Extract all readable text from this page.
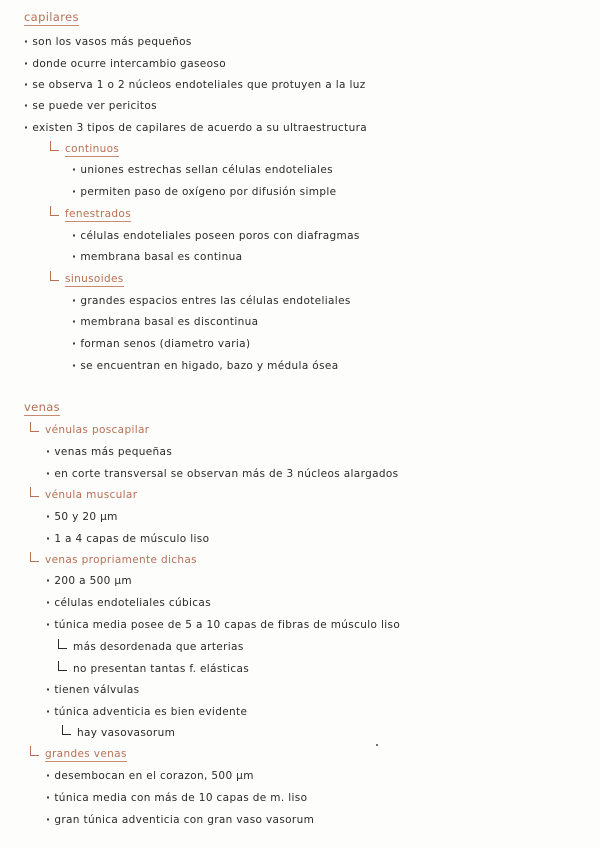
capilares
· son los vasos más pequeños
· donde ocurre intercambio gaseoso
· se observa 1 o 2 núcleos endoteliales que protuyen a la luz
· se puede ver pericitos
· existen 3 tipos de capilares de acuerdo a su ultraestructura
continuos
· uniones estrechas sellan células endoteliales
· permiten paso de oxígeno por difusión simple
fenestrados
· células endoteliales poseen poros con diafragmas
· membrana basal es continua
sinusoides
· grandes espacios entres las células endoteliales
· membrana basal es discontinua
· forman senos (diametro varia)
· se encuentran en higado, bazo y médula ósea
venas
vénulas poscapilar
· venas más pequeñas
· en corte transversal se observan más de 3 núcleos alargados
vénula muscular
· 50 y 20 µm
· 1 a 4 capas de músculo liso
venas propriamente dichas
· 200 a 500 µm
· células endoteliales cúbicas
· túnica media posee de 5 a 10 capas de fibras de músculo liso
más desordenada que arterias
no presentan tantas f. elásticas
· tienen válvulas
· túnica adventicia es bien evidente
hay vasovasorum
grandes venas
· desembocan en el corazon, 500 µm
· túnica media con más de 10 capas de m. liso
· gran túnica adventicia con gran vaso vasorum
